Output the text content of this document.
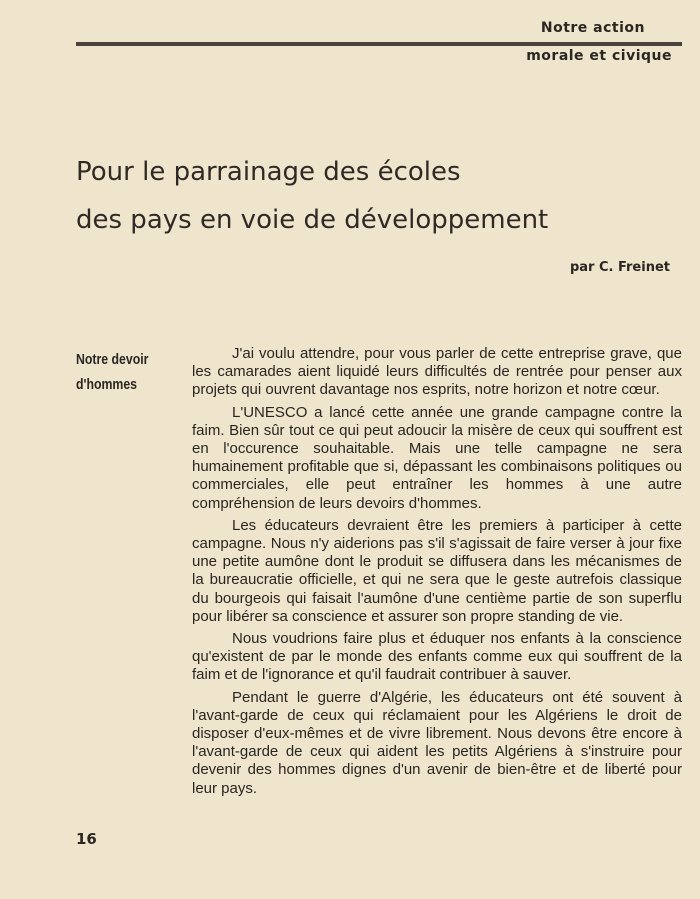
Notre action
morale et civique
Pour le parrainage des écoles
des pays en voie de développement
par C. Freinet
Notre devoir d'hommes

J'ai voulu attendre, pour vous parler de cette entreprise grave, que les camarades aient liquidé leurs difficultés de rentrée pour penser aux projets qui ouvrent davantage nos esprits, notre horizon et notre cœur.

L'UNESCO a lancé cette année une grande campagne contre la faim. Bien sûr tout ce qui peut adoucir la misère de ceux qui souffrent est en l'occurence souhaitable. Mais une telle campagne ne sera humainement profitable que si, dépassant les combinaisons politiques ou commerciales, elle peut entraîner les hommes à une autre compréhension de leurs devoirs d'hommes.

Les éducateurs devraient être les premiers à participer à cette campagne. Nous n'y aiderions pas s'il s'agissait de faire verser à jour fixe une petite aumône dont le produit se diffusera dans les mécanismes de la bureaucratie officielle, et qui ne sera que le geste autrefois classique du bourgeois qui faisait l'aumône d'une centième partie de son superflu pour libérer sa conscience et assurer son propre standing de vie.

Nous voudrions faire plus et éduquer nos enfants à la conscience qu'existent de par le monde des enfants comme eux qui souffrent de la faim et de l'ignorance et qu'il faudrait contribuer à sauver.

Pendant le guerre d'Algérie, les éducateurs ont été souvent à l'avant-garde de ceux qui réclamaient pour les Algériens le droit de disposer d'eux-mêmes et de vivre librement. Nous devons être encore à l'avant-garde de ceux qui aident les petits Algériens à s'instruire pour devenir des hommes dignes d'un avenir de bien-être et de liberté pour leur pays.

16
